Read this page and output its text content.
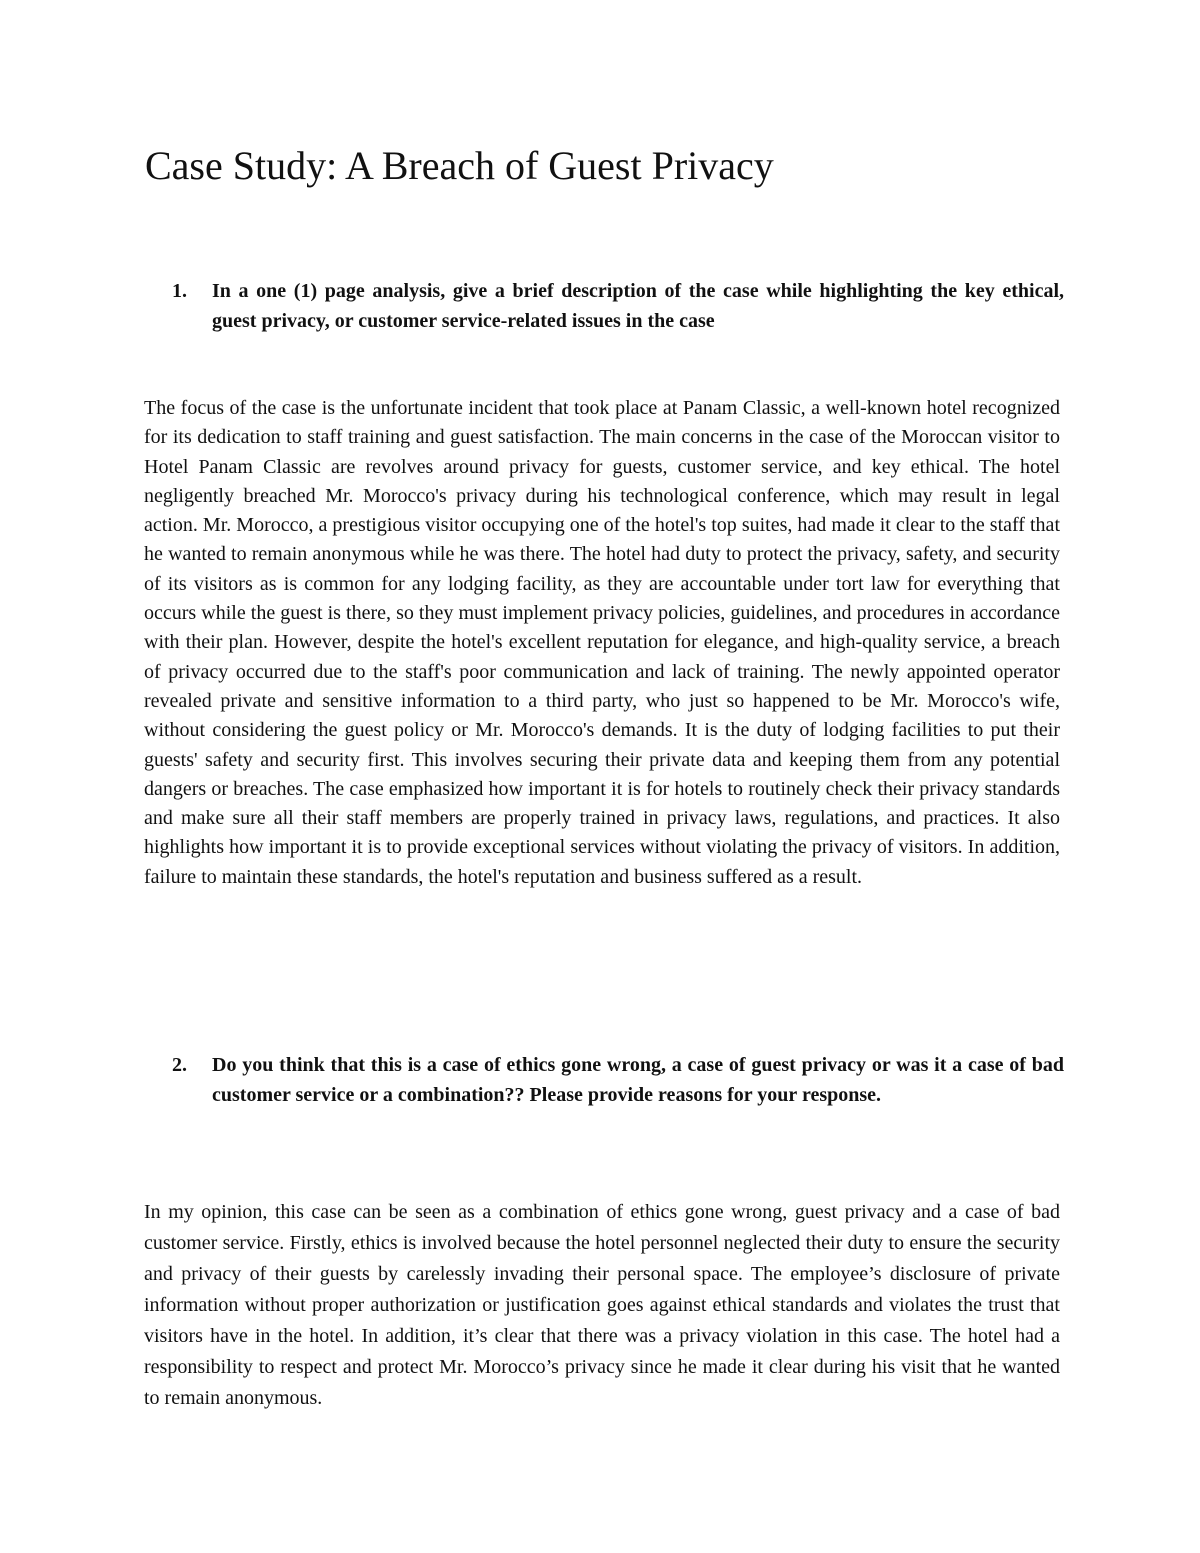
Case Study: A Breach of Guest Privacy
1.	In a one (1) page analysis, give a brief description of the case while highlighting the key ethical, guest privacy, or customer service-related issues in the case

The focus of the case is the unfortunate incident that took place at Panam Classic, a well-known hotel recognized for its dedication to staff training and guest satisfaction. The main concerns in the case of the Moroccan visitor to Hotel Panam Classic are revolves around privacy for guests, customer service, and key ethical. The hotel negligently breached Mr. Morocco's privacy during his technological conference, which may result in legal action. Mr. Morocco, a prestigious visitor occupying one of the hotel's top suites, had made it clear to the staff that he wanted to remain anonymous while he was there. The hotel had duty to protect the privacy, safety, and security of its visitors as is common for any lodging facility, as they are accountable under tort law for everything that occurs while the guest is there, so they must implement privacy policies, guidelines, and procedures in accordance with their plan. However, despite the hotel's excellent reputation for elegance, and high-quality service, a breach of privacy occurred due to the staff's poor communication and lack of training. The newly appointed operator revealed private and sensitive information to a third party, who just so happened to be Mr. Morocco's wife, without considering the guest policy or Mr. Morocco's demands. It is the duty of lodging facilities to put their guests' safety and security first. This involves securing their private data and keeping them from any potential dangers or breaches. The case emphasized how important it is for hotels to routinely check their privacy standards and make sure all their staff members are properly trained in privacy laws, regulations, and practices. It also highlights how important it is to provide exceptional services without violating the privacy of visitors. In addition, failure to maintain these standards, the hotel's reputation and business suffered as a result.

2.	Do you think that this is a case of ethics gone wrong, a case of guest privacy or was it a case of bad customer service or a combination?? Please provide reasons for your response.

In my opinion, this case can be seen as a combination of ethics gone wrong, guest privacy and a case of bad customer service. Firstly, ethics is involved because the hotel personnel neglected their duty to ensure the security and privacy of their guests by carelessly invading their personal space. The employee’s disclosure of private information without proper authorization or justification goes against ethical standards and violates the trust that visitors have in the hotel. In addition, it’s clear that there was a privacy violation in this case. The hotel had a responsibility to respect and protect Mr. Morocco’s privacy since he made it clear during his visit that he wanted to remain anonymous.
